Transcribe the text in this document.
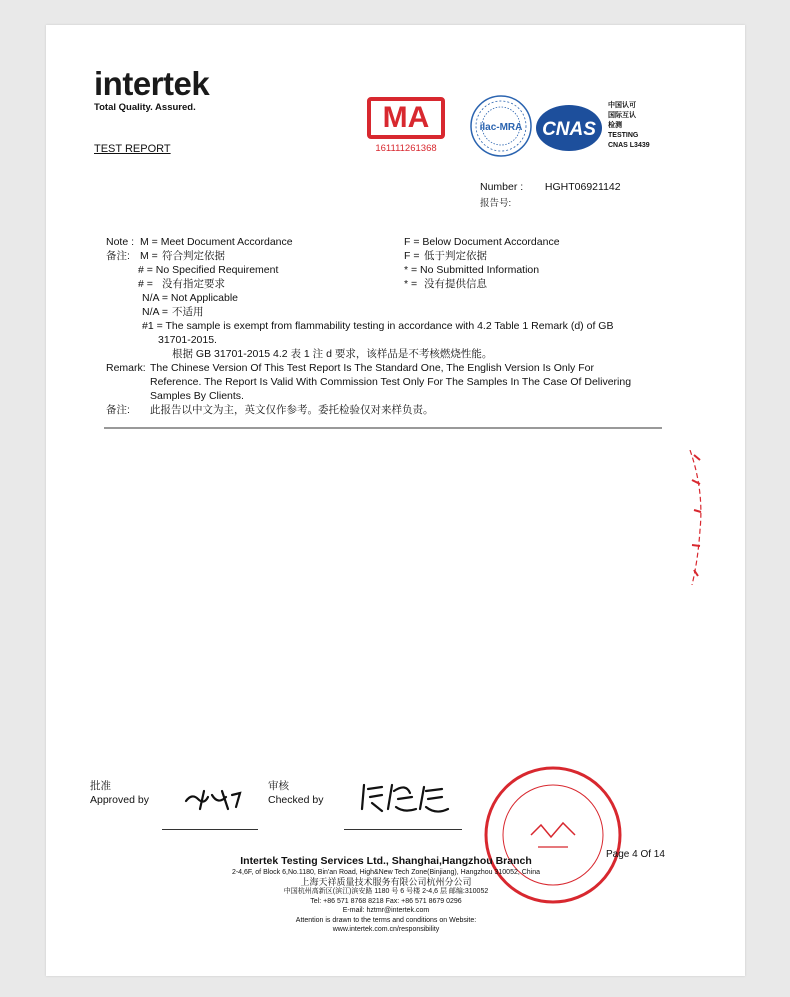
intertek
Total Quality. Assured.
TEST REPORT
MA
161111261368
ilac-MRA CNAS
中国认可
国际互认
检测
TESTING
CNAS L3439
Number : HGHT06921142
报告号:
Note : M = Meet Document Accordance	F = Below Document Accordance
备注: M = 符合判定依据	F = 低于判定依据
# = No Specified Requirement	* = No Submitted Information
# = 没有指定要求	* = 没有提供信息
N/A = Not Applicable
N/A = 不适用
#1 = The sample is exempt from flammability testing in accordance with 4.2 Table 1 Remark (d) of GB
31701-2015.
根据 GB 31701-2015 4.2 表 1 注 d 要求，该样品是不考核燃烧性能。
Remark: The Chinese Version Of This Test Report Is The Standard One, The English Version Is Only For
Reference. The Report Is Valid With Commission Test Only For The Samples In The Case Of Delivering
Samples By Clients.
备注: 此报告以中文为主，英文仅作参考。委托检验仅对来样负责。
批准
Approved by
审核
Checked by
Page 4 Of 14
Intertek Testing Services Ltd., Shanghai,Hangzhou Branch
2-4,6F, of Block 6,No.1180, Bin'an Road, High&New Tech Zone(Binjiang), Hangzhou 310052, China
上海天祥质量技术服务有限公司杭州分公司
中国杭州高新区(滨江)滨安路 1180 号 6 号楼 2-4,6 层 邮编:310052
Tel: +86 571 8768 8218 Fax: +86 571 8679 0296
E-mail: hztmr@intertek.com
Attention is drawn to the terms and conditions on Website:
www.intertek.com.cn/responsibility
